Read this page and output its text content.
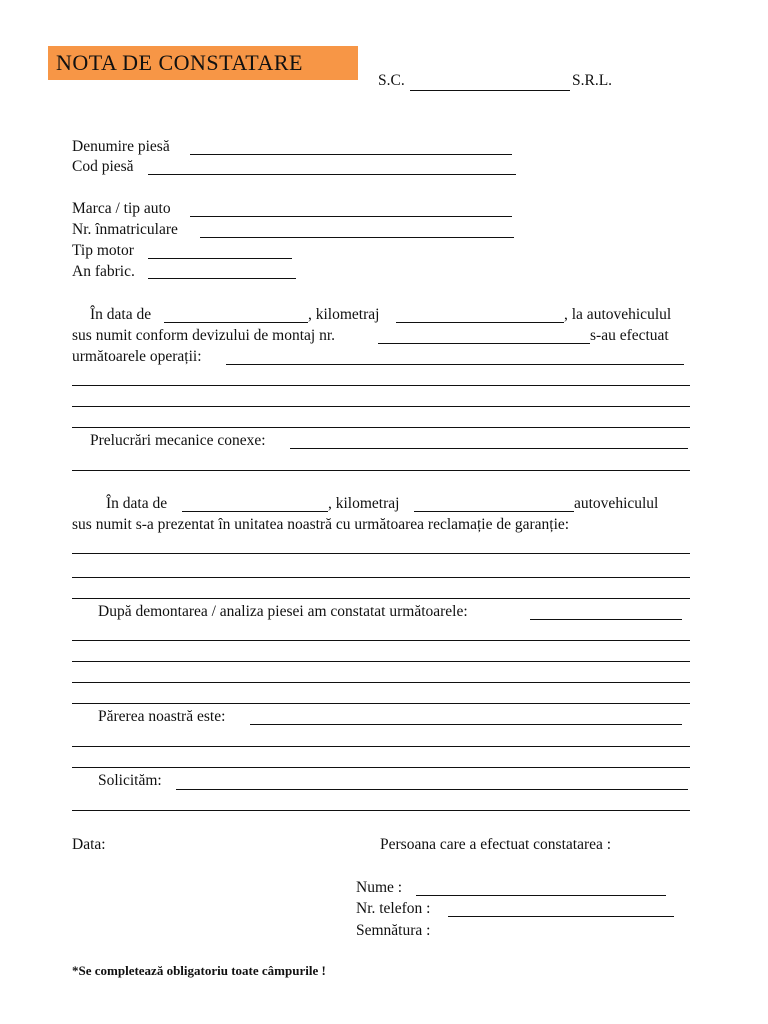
NOTA DE CONSTATARE
S.C.	S.R.L.
Denumire piesă
Cod piesă
Marca / tip auto
Nr. înmatriculare
Tip motor
An fabric.
În data de	, kilometraj	, la autovehiculul
sus numit conform devizului de montaj nr.	s-au efectuat
următoarele operații:
Prelucrări mecanice conexe:
În data de	, kilometraj	autovehiculul
sus numit s-a prezentat în unitatea noastră cu următoarea reclamație de garanție:
După demontarea / analiza piesei am constatat următoarele:
Părerea noastră este:
Solicităm:
Data:	Persoana care a efectuat constatarea :
Nume :
Nr. telefon :
Semnătura :
*Se completează obligatoriu toate câmpurile !
